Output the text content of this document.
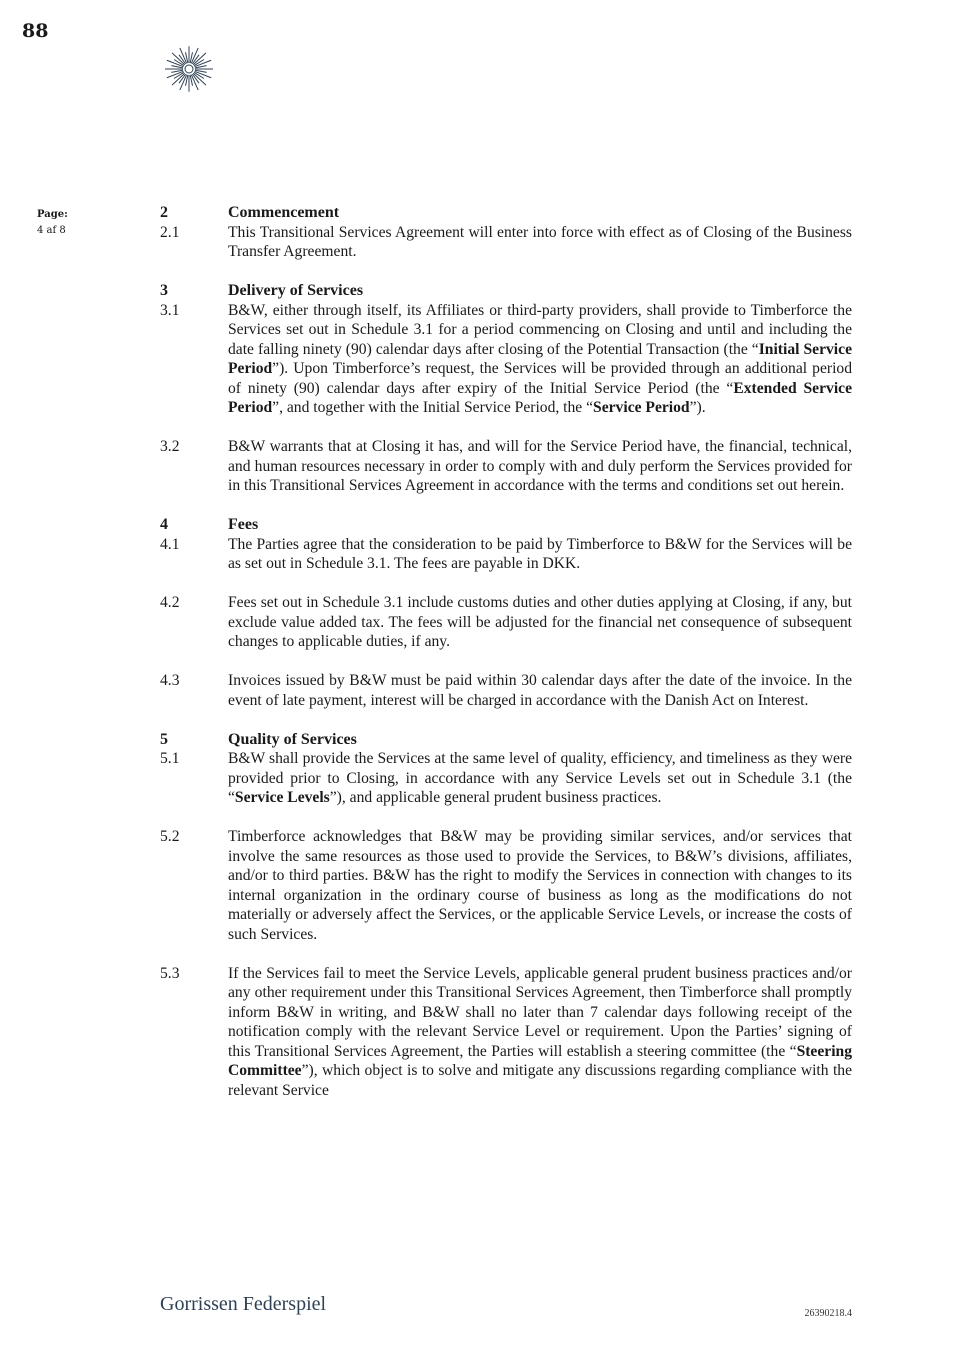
88
Page:
4 af 8
2	Commencement
2.1	This Transitional Services Agreement will enter into force with effect as of Closing of the Business Transfer Agreement.
3	Delivery of Services
3.1	B&W, either through itself, its Affiliates or third-party providers, shall provide to Timberforce the Services set out in Schedule 3.1 for a period commencing on Closing and until and including the date falling ninety (90) calendar days after closing of the Potential Transaction (the “Initial Service Period”). Upon Timberforce’s request, the Services will be provided through an additional period of ninety (90) calendar days after expiry of the Initial Service Period (the “Extended Service Period”, and together with the Initial Service Period, the “Service Period”).
3.2	B&W warrants that at Closing it has, and will for the Service Period have, the financial, technical, and human resources necessary in order to comply with and duly perform the Services provided for in this Transitional Services Agreement in accordance with the terms and conditions set out herein.
4	Fees
4.1	The Parties agree that the consideration to be paid by Timberforce to B&W for the Services will be as set out in Schedule 3.1. The fees are payable in DKK.
4.2	Fees set out in Schedule 3.1 include customs duties and other duties applying at Closing, if any, but exclude value added tax. The fees will be adjusted for the financial net consequence of subsequent changes to applicable duties, if any.
4.3	Invoices issued by B&W must be paid within 30 calendar days after the date of the invoice. In the event of late payment, interest will be charged in accordance with the Danish Act on Interest.
5	Quality of Services
5.1	B&W shall provide the Services at the same level of quality, efficiency, and timeliness as they were provided prior to Closing, in accordance with any Service Levels set out in Schedule 3.1 (the “Service Levels”), and applicable general prudent business practices.
5.2	Timberforce acknowledges that B&W may be providing similar services, and/or services that involve the same resources as those used to provide the Services, to B&W’s divisions, affiliates, and/or to third parties. B&W has the right to modify the Services in connection with changes to its internal organization in the ordinary course of business as long as the modifications do not materially or adversely affect the Services, or the applicable Service Levels, or increase the costs of such Services.
5.3	If the Services fail to meet the Service Levels, applicable general prudent business practices and/or any other requirement under this Transitional Services Agreement, then Timberforce shall promptly inform B&W in writing, and B&W shall no later than 7 calendar days following receipt of the notification comply with the relevant Service Level or requirement. Upon the Parties’ signing of this Transitional Services Agreement, the Parties will establish a steering committee (the “Steering Committee”), which object is to solve and mitigate any discussions regarding compliance with the relevant Service
Gorrissen Federspiel	26390218.4
